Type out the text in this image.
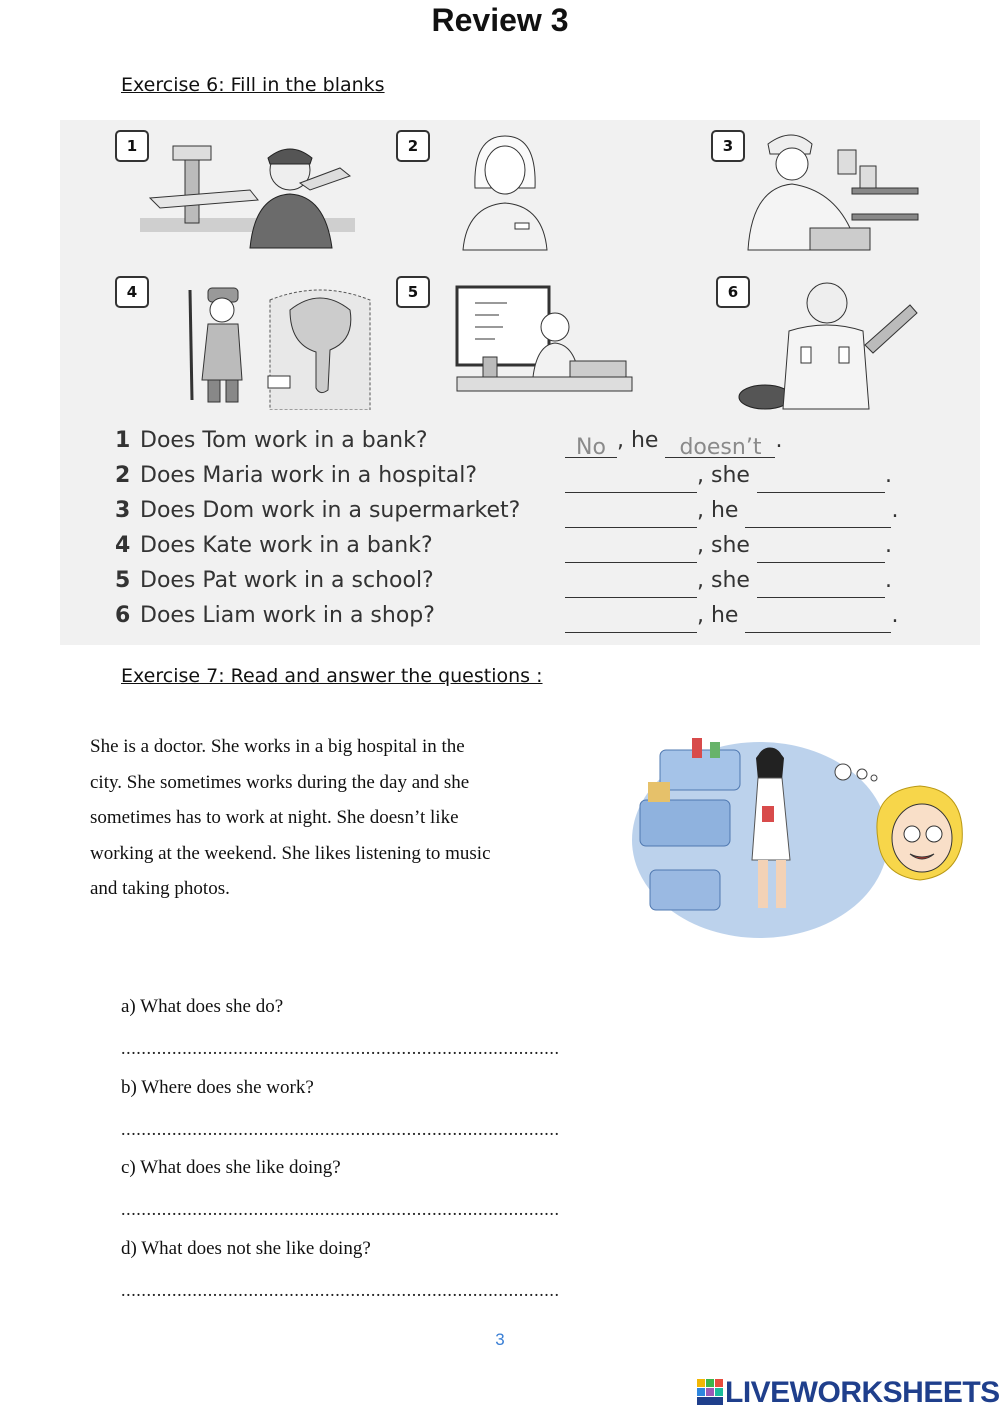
Review 3
Exercise 6: Fill in the blanks
1	2	3
4	5	6
1 Does Tom work in a bank?	No , he doesn’t .
2 Does Maria work in a hospital?	, she	.
3 Does Dom work in a supermarket?	, he	.
4 Does Kate work in a bank?	, she	.
5 Does Pat work in a school?	, she	.
6 Does Liam work in a shop?	, he	.
Exercise 7: Read and answer the questions :
She is a doctor. She works in a big hospital in the
city. She sometimes works during the day and she
sometimes has to work at night. She doesn’t like
working at the weekend. She likes listening to music
and taking photos.
a) What does she do?
......................................................................................
b) Where does she work?
......................................................................................
c) What does she like doing?
......................................................................................
d) What does not she like doing?
......................................................................................
3
LIVEWORKSHEETS
